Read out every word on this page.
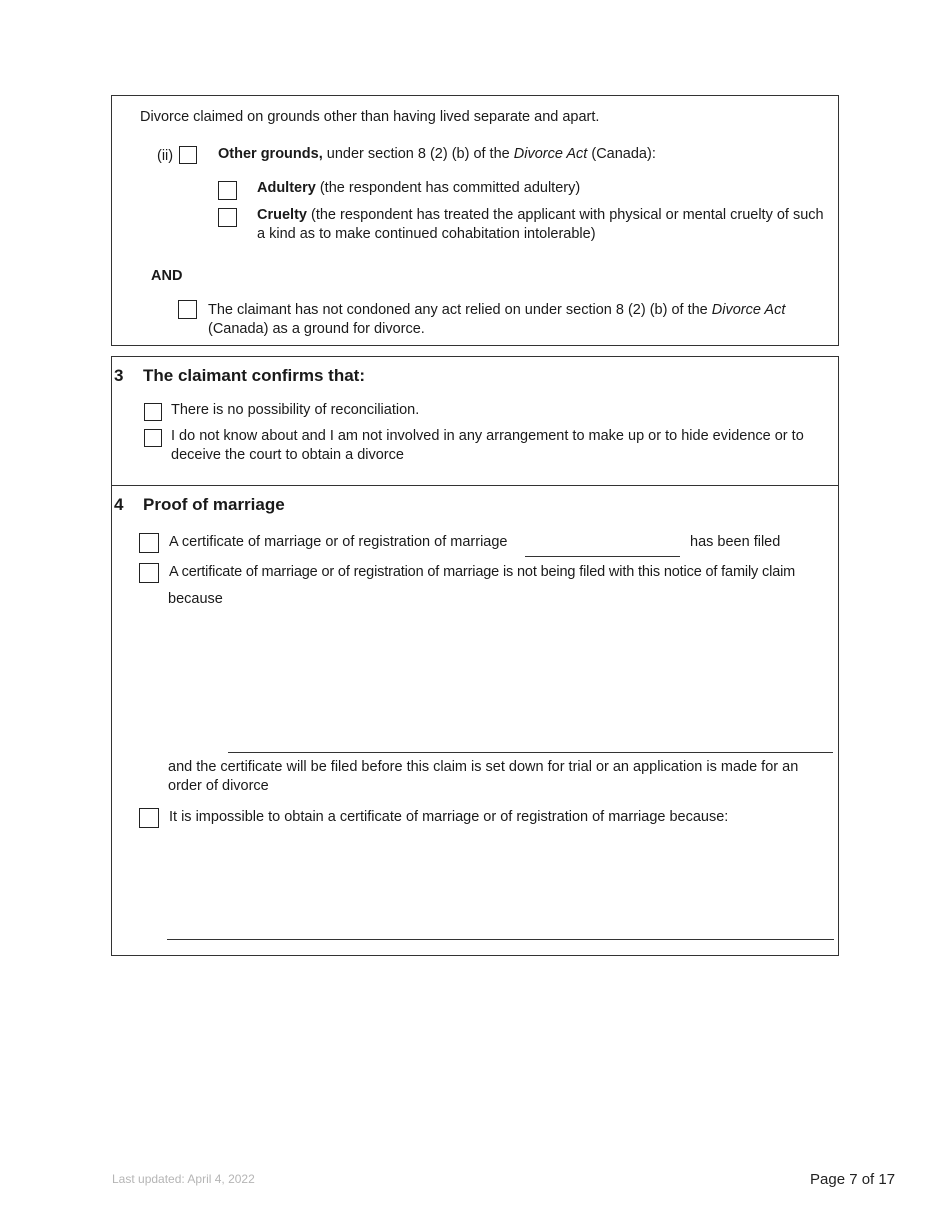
Divorce claimed on grounds other than having lived separate and apart.
(ii)	Other grounds, under section 8 (2) (b) of the Divorce Act (Canada):
Adultery (the respondent has committed adultery)
Cruelty (the respondent has treated the applicant with physical or mental cruelty of such a kind as to make continued cohabitation intolerable)
AND
The claimant has not condoned any act relied on under section 8 (2) (b) of the Divorce Act (Canada) as a ground for divorce.
3 The claimant confirms that:
There is no possibility of reconciliation.
I do not know about and I am not involved in any arrangement to make up or to hide evidence or to deceive the court to obtain a divorce
4 Proof of marriage
A certificate of marriage or of registration of marriage	has been filed
A certificate of marriage or of registration of marriage is not being filed with this notice of family claim
because
and the certificate will be filed before this claim is set down for trial or an application is made for an order of divorce
It is impossible to obtain a certificate of marriage or of registration of marriage because:
Last updated: April 4, 2022	Page 7 of 17
